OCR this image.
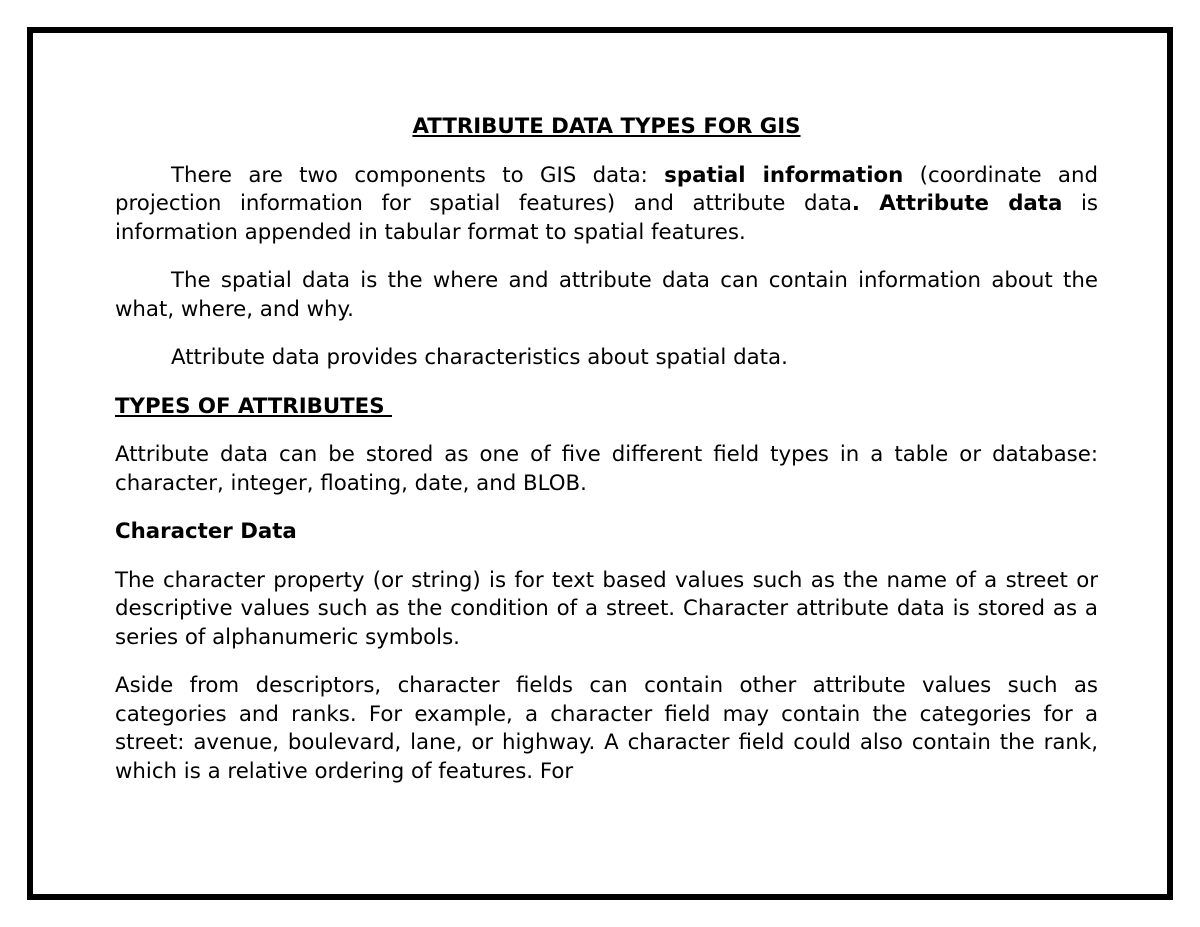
ATTRIBUTE DATA TYPES FOR GIS

There are two components to GIS data: spatial information (coordinate and projection information for spatial features) and attribute data. Attribute data is information appended in tabular format to spatial features.

The spatial data is the where and attribute data can contain information about the what, where, and why.

Attribute data provides characteristics about spatial data.

TYPES OF ATTRIBUTES

Attribute data can be stored as one of five different field types in a table or database: character, integer, floating, date, and BLOB.

Character Data

The character property (or string) is for text based values such as the name of a street or descriptive values such as the condition of a street. Character attribute data is stored as a series of alphanumeric symbols.

Aside from descriptors, character fields can contain other attribute values such as categories and ranks. For example, a character field may contain the categories for a street: avenue, boulevard, lane, or highway. A character field could also contain the rank, which is a relative ordering of features. For
